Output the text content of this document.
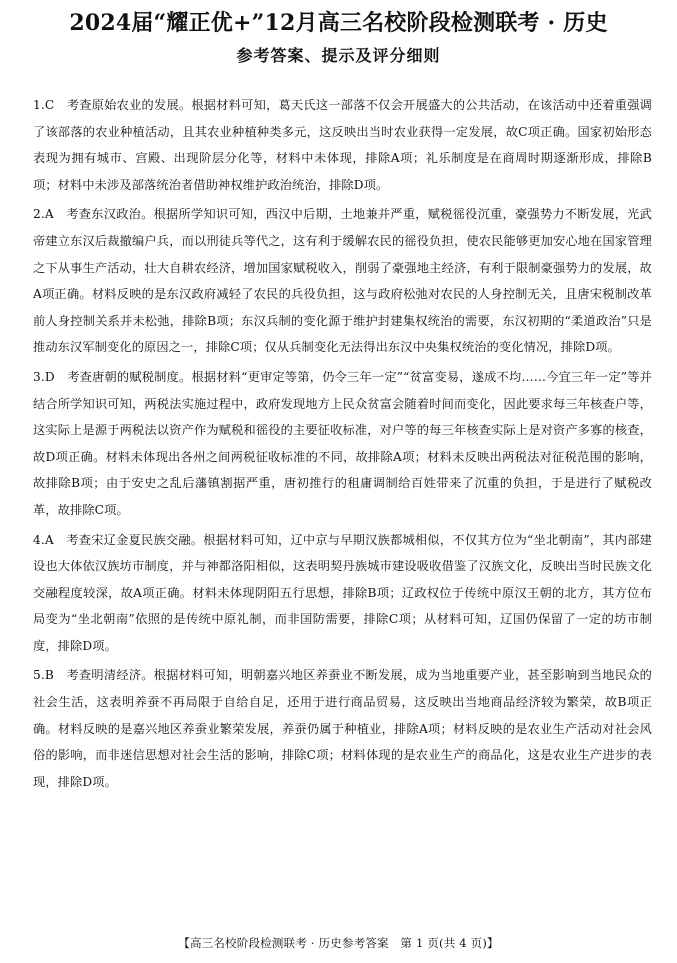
2024届“耀正优+”12月高三名校阶段检测联考 · 历史
参考答案、提示及评分细则

1.C 考查原始农业的发展。根据材料可知，葛天氏这一部落不仅会开展盛大的公共活动，在该活动中还着重强调了该部落的农业种植活动，且其农业种植种类多元，这反映出当时农业获得一定发展，故C项正确。国家初始形态表现为拥有城市、宫殿、出现阶层分化等，材料中未体现，排除A项；礼乐制度是在商周时期逐渐形成，排除B项；材料中未涉及部落统治者借助神权维护政治统治，排除D项。

2.A 考查东汉政治。根据所学知识可知，西汉中后期，土地兼并严重，赋税徭役沉重，豪强势力不断发展，光武帝建立东汉后裁撤编户兵，而以刑徒兵等代之，这有利于缓解农民的徭役负担，使农民能够更加安心地在国家管理之下从事生产活动，壮大自耕农经济，增加国家赋税收入，削弱了豪强地主经济，有利于限制豪强势力的发展，故A项正确。材料反映的是东汉政府减轻了农民的兵役负担，这与政府松弛对农民的人身控制无关，且唐宋税制改革前人身控制关系并未松弛，排除B项；东汉兵制的变化源于维护封建集权统治的需要，东汉初期的“柔道政治”只是推动东汉军制变化的原因之一，排除C项；仅从兵制变化无法得出东汉中央集权统治的变化情况，排除D项。

3.D 考查唐朝的赋税制度。根据材料“更审定等第，仍令三年一定”“贫富变易，遂成不均……今宜三年一定”等并结合所学知识可知，两税法实施过程中，政府发现地方上民众贫富会随着时间而变化，因此要求每三年核查户等，这实际上是源于两税法以资产作为赋税和徭役的主要征收标准，对户等的每三年核查实际上是对资产多寡的核查，故D项正确。材料未体现出各州之间两税征收标准的不同，故排除A项；材料未反映出两税法对征税范围的影响，故排除B项；由于安史之乱后藩镇割据严重，唐初推行的租庸调制给百姓带来了沉重的负担，于是进行了赋税改革，故排除C项。

4.A 考查宋辽金夏民族交融。根据材料可知，辽中京与早期汉族都城相似，不仅其方位为“坐北朝南”，其内部建设也大体依汉族坊市制度，并与神都洛阳相似，这表明契丹族城市建设吸收借鉴了汉族文化，反映出当时民族文化交融程度较深，故A项正确。材料未体现阴阳五行思想，排除B项；辽政权位于传统中原汉王朝的北方，其方位布局变为“坐北朝南”依照的是传统中原礼制，而非国防需要，排除C项；从材料可知，辽国仍保留了一定的坊市制度，排除D项。

5.B 考查明清经济。根据材料可知，明朝嘉兴地区养蚕业不断发展，成为当地重要产业，甚至影响到当地民众的社会生活，这表明养蚕不再局限于自给自足，还用于进行商品贸易，这反映出当地商品经济较为繁荣，故B项正确。材料反映的是嘉兴地区养蚕业繁荣发展，养蚕仍属于种植业，排除A项；材料反映的是农业生产活动对社会风俗的影响，而非迷信思想对社会生活的影响，排除C项；材料体现的是农业生产的商品化，这是农业生产进步的表现，排除D项。

【高三名校阶段检测联考 · 历史参考答案　第 1 页(共 4 页)】
